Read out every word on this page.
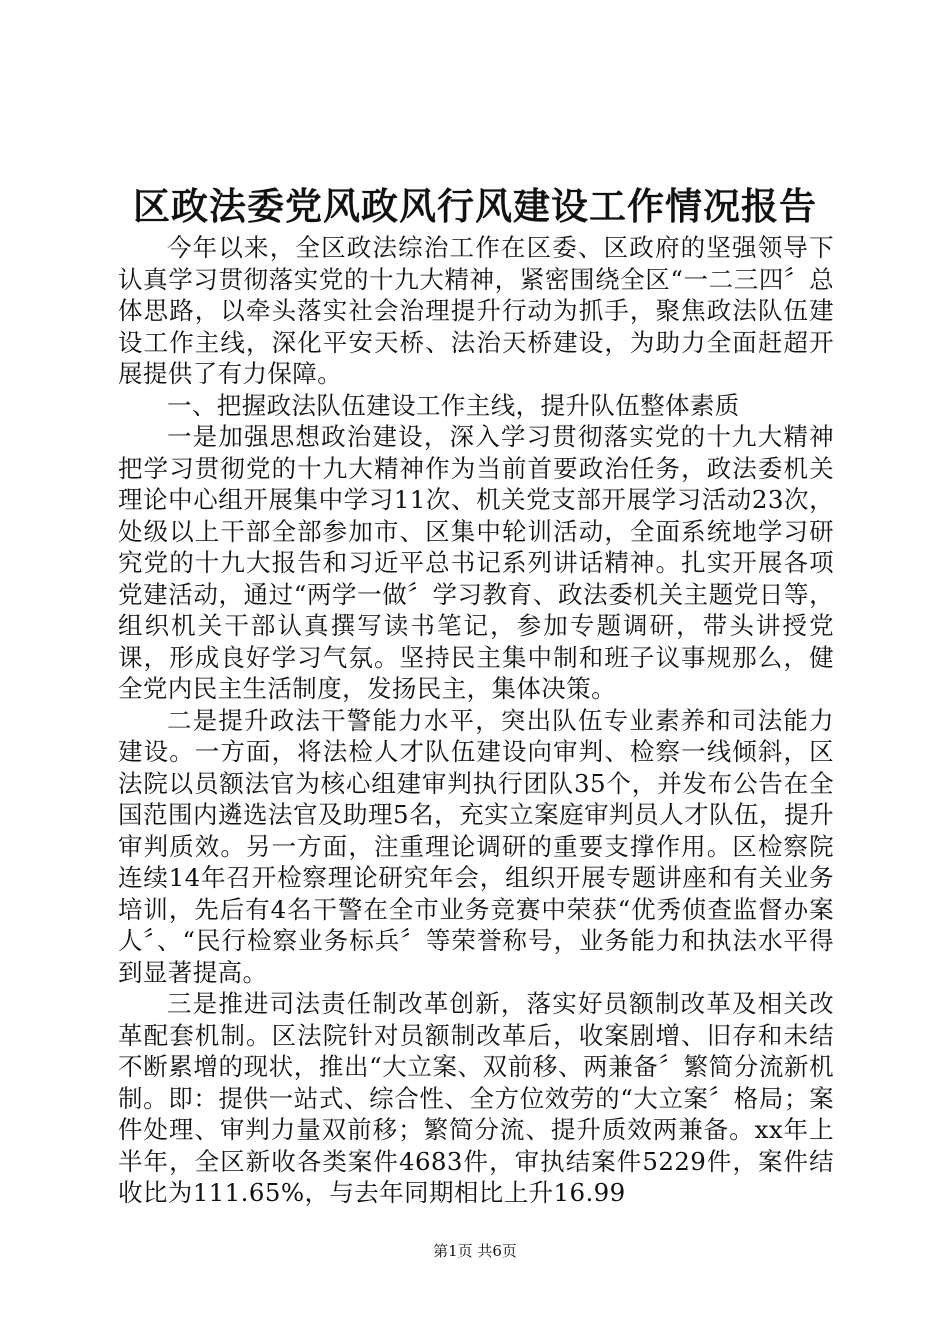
区政法委党风政风行风建设工作情况报告

今年以来，全区政法综治工作在区委、区政府的坚强领导下认真学习贯彻落实党的十九大精神，紧密围绕全区“一二三四〞总体思路，以牵头落实社会治理提升行动为抓手，聚焦政法队伍建设工作主线，深化平安天桥、法治天桥建设，为助力全面赶超开展提供了有力保障。

一、把握政法队伍建设工作主线，提升队伍整体素质

一是加强思想政治建设，深入学习贯彻落实党的十九大精神把学习贯彻党的十九大精神作为当前首要政治任务，政法委机关理论中心组开展集中学习11次、机关党支部开展学习活动23次，处级以上干部全部参加市、区集中轮训活动，全面系统地学习研究党的十九大报告和习近平总书记系列讲话精神。扎实开展各项党建活动，通过“两学一做〞学习教育、政法委机关主题党日等，组织机关干部认真撰写读书笔记，参加专题调研，带头讲授党课，形成良好学习气氛。坚持民主集中制和班子议事规那么，健全党内民主生活制度，发扬民主，集体决策。

二是提升政法干警能力水平，突出队伍专业素养和司法能力建设。一方面，将法检人才队伍建设向审判、检察一线倾斜，区法院以员额法官为核心组建审判执行团队35个，并发布公告在全国范围内遴选法官及助理5名，充实立案庭审判员人才队伍，提升审判质效。另一方面，注重理论调研的重要支撑作用。区检察院连续14年召开检察理论研究年会，组织开展专题讲座和有关业务培训，先后有4名干警在全市业务竞赛中荣获“优秀侦查监督办案人〞、“民行检察业务标兵〞等荣誉称号，业务能力和执法水平得到显著提高。

三是推进司法责任制改革创新，落实好员额制改革及相关改革配套机制。区法院针对员额制改革后，收案剧增、旧存和未结不断累增的现状，推出“大立案、双前移、两兼备〞繁简分流新机制。即：提供一站式、综合性、全方位效劳的“大立案〞格局；案件处理、审判力量双前移；繁简分流、提升质效两兼备。xx年上半年，全区新收各类案件4683件，审执结案件5229件，案件结收比为111.65%，与去年同期相比上升16.99

第1页 共6页
